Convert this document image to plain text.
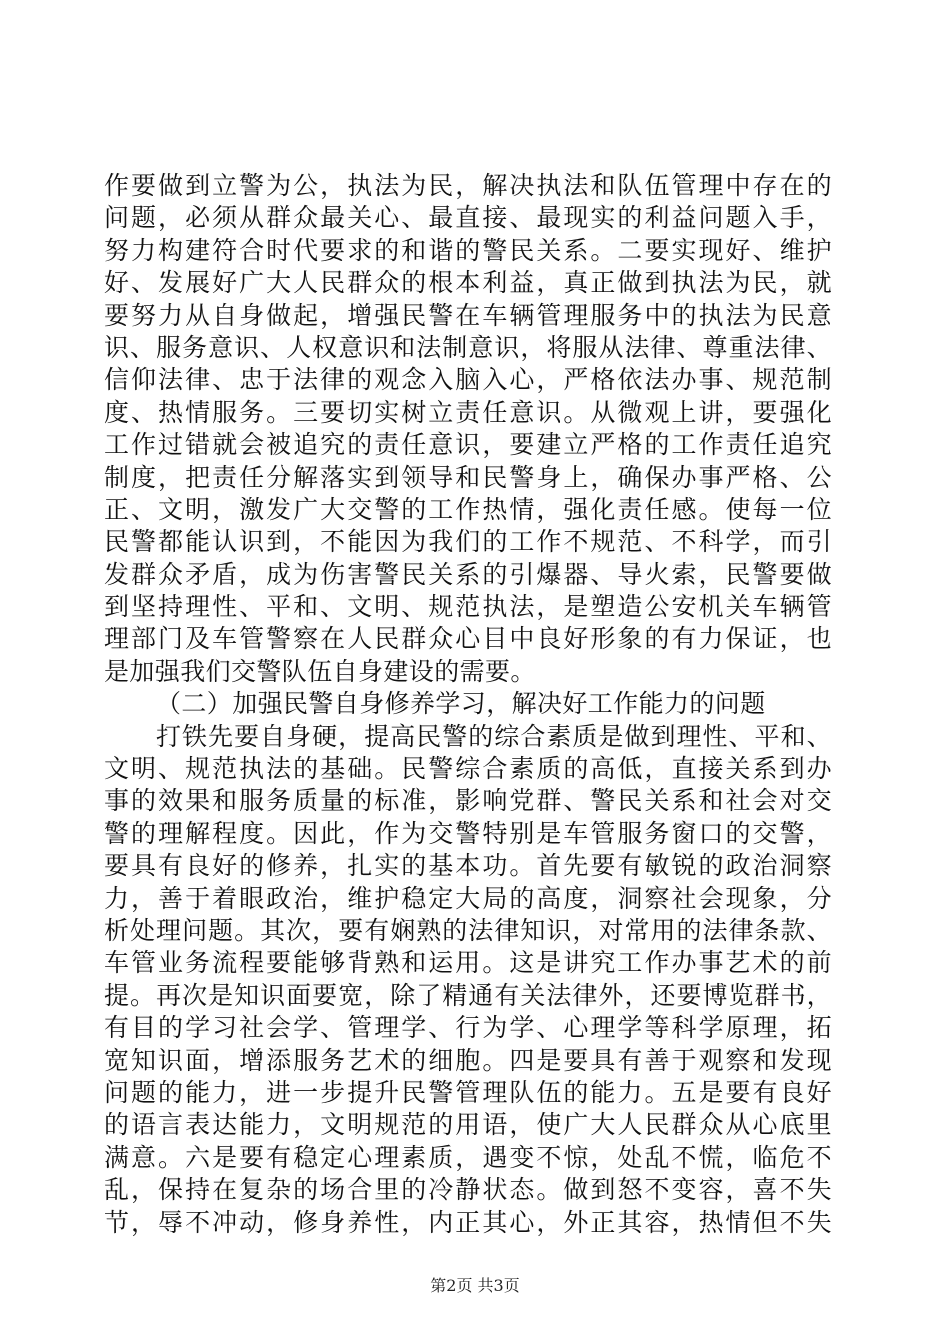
作要做到立警为公，执法为民，解决执法和队伍管理中存在的
问题，必须从群众最关心、最直接、最现实的利益问题入手，
努力构建符合时代要求的和谐的警民关系。二要实现好、维护
好、发展好广大人民群众的根本利益，真正做到执法为民，就
要努力从自身做起，增强民警在车辆管理服务中的执法为民意
识、服务意识、人权意识和法制意识，将服从法律、尊重法律、
信仰法律、忠于法律的观念入脑入心，严格依法办事、规范制
度、热情服务。三要切实树立责任意识。从微观上讲，要强化
工作过错就会被追究的责任意识，要建立严格的工作责任追究
制度，把责任分解落实到领导和民警身上，确保办事严格、公
正、文明，激发广大交警的工作热情，强化责任感。使每一位
民警都能认识到，不能因为我们的工作不规范、不科学，而引
发群众矛盾，成为伤害警民关系的引爆器、导火索，民警要做
到坚持理性、平和、文明、规范执法，是塑造公安机关车辆管
理部门及车管警察在人民群众心目中良好形象的有力保证，也
是加强我们交警队伍自身建设的需要。
（二）加强民警自身修养学习，解决好工作能力的问题
打铁先要自身硬，提高民警的综合素质是做到理性、平和、
文明、规范执法的基础。民警综合素质的高低，直接关系到办
事的效果和服务质量的标准，影响党群、警民关系和社会对交
警的理解程度。因此，作为交警特别是车管服务窗口的交警，
要具有良好的修养，扎实的基本功。首先要有敏锐的政治洞察
力，善于着眼政治，维护稳定大局的高度，洞察社会现象，分
析处理问题。其次，要有娴熟的法律知识，对常用的法律条款、
车管业务流程要能够背熟和运用。这是讲究工作办事艺术的前
提。再次是知识面要宽，除了精通有关法律外，还要博览群书，
有目的学习社会学、管理学、行为学、心理学等科学原理，拓
宽知识面，增添服务艺术的细胞。四是要具有善于观察和发现
问题的能力，进一步提升民警管理队伍的能力。五是要有良好
的语言表达能力，文明规范的用语，使广大人民群众从心底里
满意。六是要有稳定心理素质，遇变不惊，处乱不慌，临危不
乱，保持在复杂的场合里的冷静状态。做到怒不变容，喜不失
节，辱不冲动，修身养性，内正其心，外正其容，热情但不失
第2页 共3页
